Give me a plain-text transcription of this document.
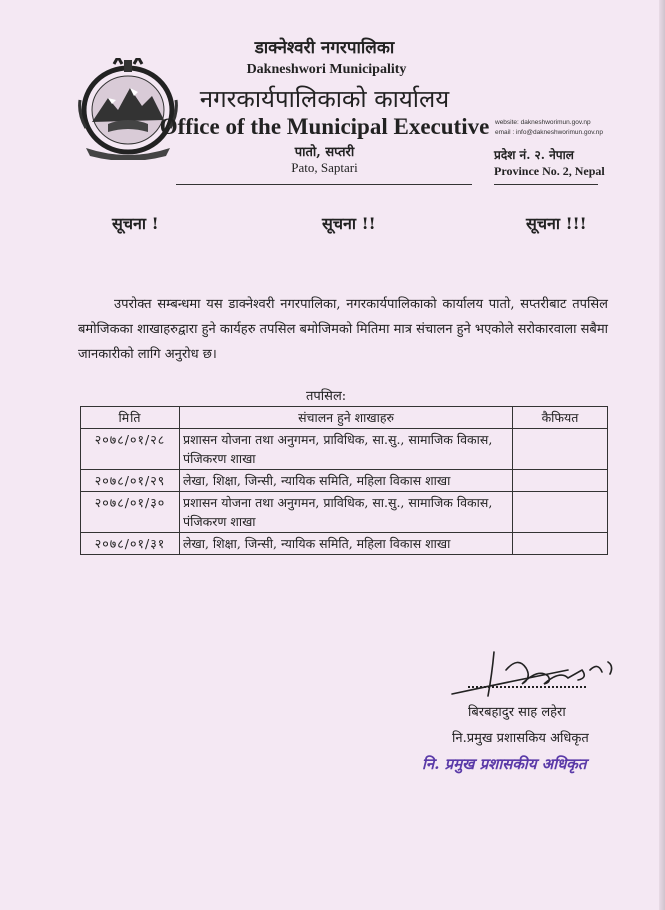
डाक्नेश्वरी नगरपालिका
Dakneshwori Municipality
नगरकार्यपालिकाको कार्यालय
Office of the Municipal Executive
पातो, सप्तरी
Pato, Saptari
website: dakneshworimun.gov.np
email : info@dakneshworimun.gov.np
प्रदेश नं. २. नेपाल
Province No. 2, Nepal
सूचना !	सूचना !!	सूचना !!!
उपरोक्त सम्बन्धमा यस डाक्नेश्वरी नगरपालिका, नगरकार्यपालिकाको कार्यालय पातो, सप्तरीबाट तपसिल बमोजिकका शाखाहरुद्वारा हुने कार्यहरु तपसिल बमोजिमको मितिमा मात्र संचालन हुने भएकोले सरोकारवाला सबैमा जानकारीको लागि अनुरोध छ।
तपसिल:
मिति	संचालन हुने शाखाहरु	कैफियत
२०७८/०१/२८	प्रशासन योजना तथा अनुगमन, प्राविधिक, सा.सु., सामाजिक विकास, पंजिकरण शाखा	
२०७८/०१/२९	लेखा, शिक्षा, जिन्सी, न्यायिक समिति, महिला विकास शाखा	
२०७८/०१/३०	प्रशासन योजना तथा अनुगमन, प्राविधिक, सा.सु., सामाजिक विकास, पंजिकरण शाखा	
२०७८/०१/३१	लेखा, शिक्षा, जिन्सी, न्यायिक समिति, महिला विकास शाखा	
बिरबहादुर साह लहेरा
नि.प्रमुख प्रशासकिय अधिकृत
नि. प्रमुख प्रशासकीय अधिकृत
